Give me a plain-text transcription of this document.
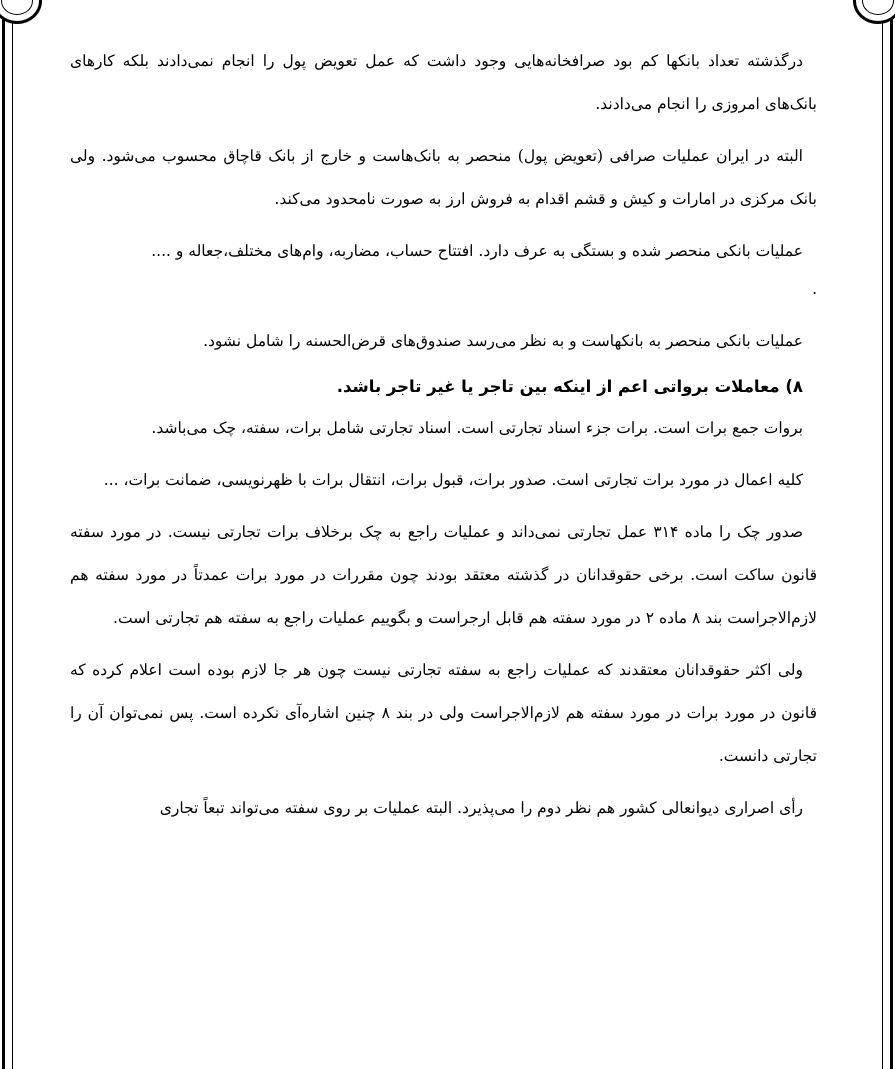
درگذشته تعداد بانکها کم بود صرافخانه‌هایی وجود داشت که عمل تعویض پول را انجام نمی‌دادند بلکه کارهای بانک‌های امروزی را انجام می‌دادند.

البته در ایران عملیات صرافی (تعویض پول) منحصر به بانک‌هاست و خارج از بانک قاچاق محسوب می‌شود. ولی بانک مرکزی در امارات و کیش و قشم اقدام به فروش ارز به صورت نامحدود می‌کند.

عملیات بانکی منحصر شده و بستگی به عرف دارد. افتتاح حساب، مضاربه، وام‌های مختلف،جعاله و ....

.

عملیات بانکی منحصر به بانکهاست و به نظر می‌رسد صندوق‌های قرض‌الحسنه را شامل نشود.

۸) معاملات برواتی اعم از اینکه بین تاجر یا غیر تاجر باشد.

بروات جمع برات است. برات جزء اسناد تجارتی است. اسناد تجارتی شامل برات، سفته، چک می‌باشد.

کلیه اعمال در مورد برات تجارتی است. صدور برات، قبول برات، انتقال برات با ظهرنویسی، ضمانت برات، ...

صدور چک را ماده ۳۱۴ عمل تجارتی نمی‌داند و عملیات راجع به چک برخلاف برات تجارتی نیست. در مورد سفته قانون ساکت است. برخی حقوقدانان در گذشته معتقد بودند چون مقررات در مورد برات عمدتاً در مورد سفته هم لازم‌الاجراست بند ۸ ماده ۲ در مورد سفته هم قابل ارجراست و بگوییم عملیات راجع به سفته هم تجارتی است.

ولی اکثر حقوقدانان معتقدند که عملیات راجع به سفته تجارتی نیست چون هر جا لازم بوده است اعلام کرده که قانون در مورد برات در مورد سفته هم لازم‌الاجراست ولی در بند ۸ چنین اشاره‌آی نکرده است. پس نمی‌توان آن را تجارتی دانست.

رأی اصراری دیوانعالی کشور هم نظر دوم را می‌پذیرد. البته عملیات بر روی سفته می‌تواند تبعاً تجاری
